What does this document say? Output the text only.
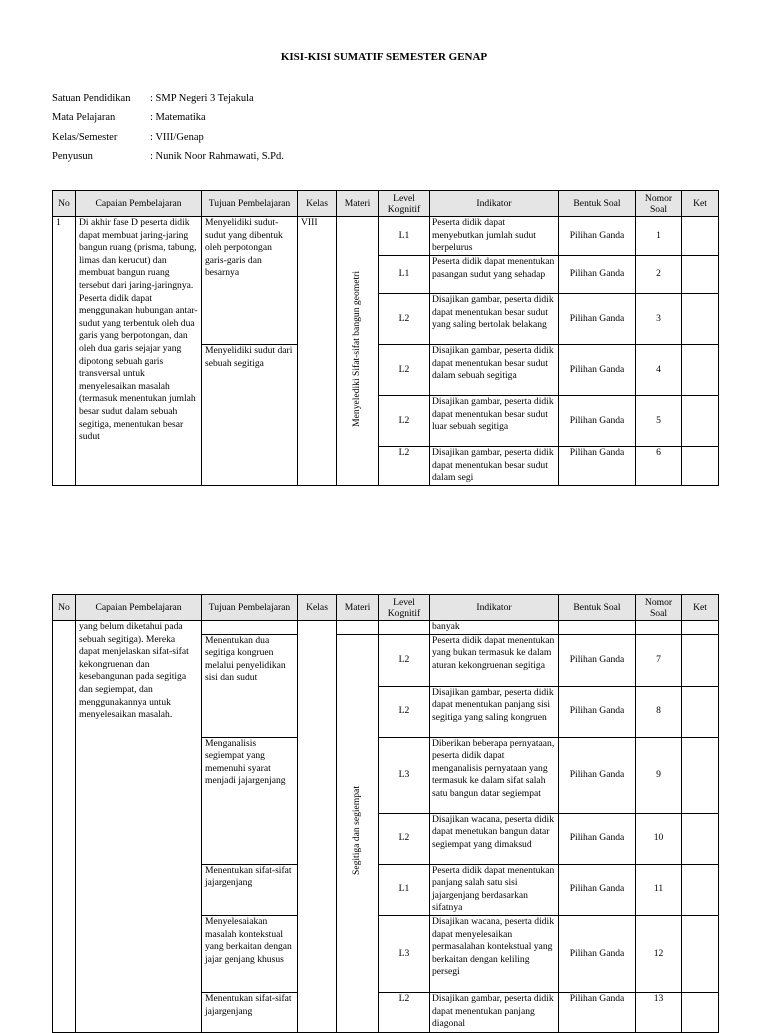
KISI-KISI SUMATIF SEMESTER GENAP
Satuan Pendidikan	: SMP Negeri 3 Tejakula
Mata Pelajaran	: Matematika
Kelas/Semester	: VIII/Genap
Penyusun	: Nunik Noor Rahmawati, S.Pd.
No	Capaian Pembelajaran	Tujuan Pembelajaran	Kelas	Materi	Level Kognitif	Indikator	Bentuk Soal	Nomor Soal	Ket
1	Di akhir fase D peserta didik dapat membuat jaring-jaring bangun ruang (prisma, tabung, limas dan kerucut) dan membuat bangun ruang tersebut dari jaring-jaringnya. Peserta didik dapat menggunakan hubungan antar-sudut yang terbentuk oleh dua garis yang berpotongan, dan oleh dua garis sejajar yang dipotong sebuah garis transversal untuk menyelesaikan masalah (termasuk menentukan jumlah besar sudut dalam sebuah segitiga, menentukan besar sudut	Menyelidiki sudut-sudut yang dibentuk oleh perpotongan garis-garis dan besarnya	VIII	Menyelediki Sifat-sifat bangun geometri	L1	Peserta didik dapat menyebutkan jumlah sudut berpelurus	Pilihan Ganda	1	
					L1	Peserta didik dapat menentukan pasangan sudut yang sehadap	Pilihan Ganda	2	
					L2	Disajikan gambar, peserta didik dapat menentukan besar sudut yang saling bertolak belakang	Pilihan Ganda	3	
		Menyelidiki sudut dari sebuah segitiga			L2	Disajikan gambar, peserta didik dapat menentukan besar sudut dalam sebuah segitiga	Pilihan Ganda	4	
					L2	Disajikan gambar, peserta didik dapat menentukan besar sudut luar sebuah segitiga	Pilihan Ganda	5	
					L2	Disajikan gambar, peserta didik dapat menentukan besar sudut dalam segi	Pilihan Ganda	6	
No	Capaian Pembelajaran	Tujuan Pembelajaran	Kelas	Materi	Level Kognitif	Indikator	Bentuk Soal	Nomor Soal	Ket
	yang belum diketahui pada sebuah segitiga). Mereka dapat menjelaskan sifat-sifat kekongruenan dan kesebangunan pada segitiga dan segiempat, dan menggunakannya untuk menyelesaikan masalah.					banyak			
		Menentukan dua segitiga kongruen melalui penyelidikan sisi dan sudut		Segitiga dan segiempat	L2	Peserta didik dapat menentukan yang bukan termasuk ke dalam aturan kekongruenan segitiga	Pilihan Ganda	7	
					L2	Disajikan gambar, peserta didik dapat menentukan panjang sisi segitiga yang saling kongruen	Pilihan Ganda	8	
		Menganalisis segiempat yang memenuhi syarat menjadi jajargenjang			L3	Diberikan beberapa pernyataan, peserta didik dapat menganalisis pernyataan yang termasuk ke dalam sifat salah satu bangun datar segiempat	Pilihan Ganda	9	
					L2	Disajikan wacana, peserta didik dapat menetukan bangun datar segiempat yang dimaksud	Pilihan Ganda	10	
		Menentukan sifat-sifat jajargenjang			L1	Peserta didik dapat menentukan panjang salah satu sisi jajargenjang berdasarkan sifatnya	Pilihan Ganda	11	
		Menyelesaiakan masalah kontekstual yang berkaitan dengan jajar genjang khusus			L3	Disajikan wacana, peserta didik dapat menyelesaikan permasalahan kontekstual yang berkaitan dengan keliling persegi	Pilihan Ganda	12	
		Menentukan sifat-sifat jajargenjang			L2	Disajikan gambar, peserta didik dapat menentukan panjang diagonal	Pilihan Ganda	13	
